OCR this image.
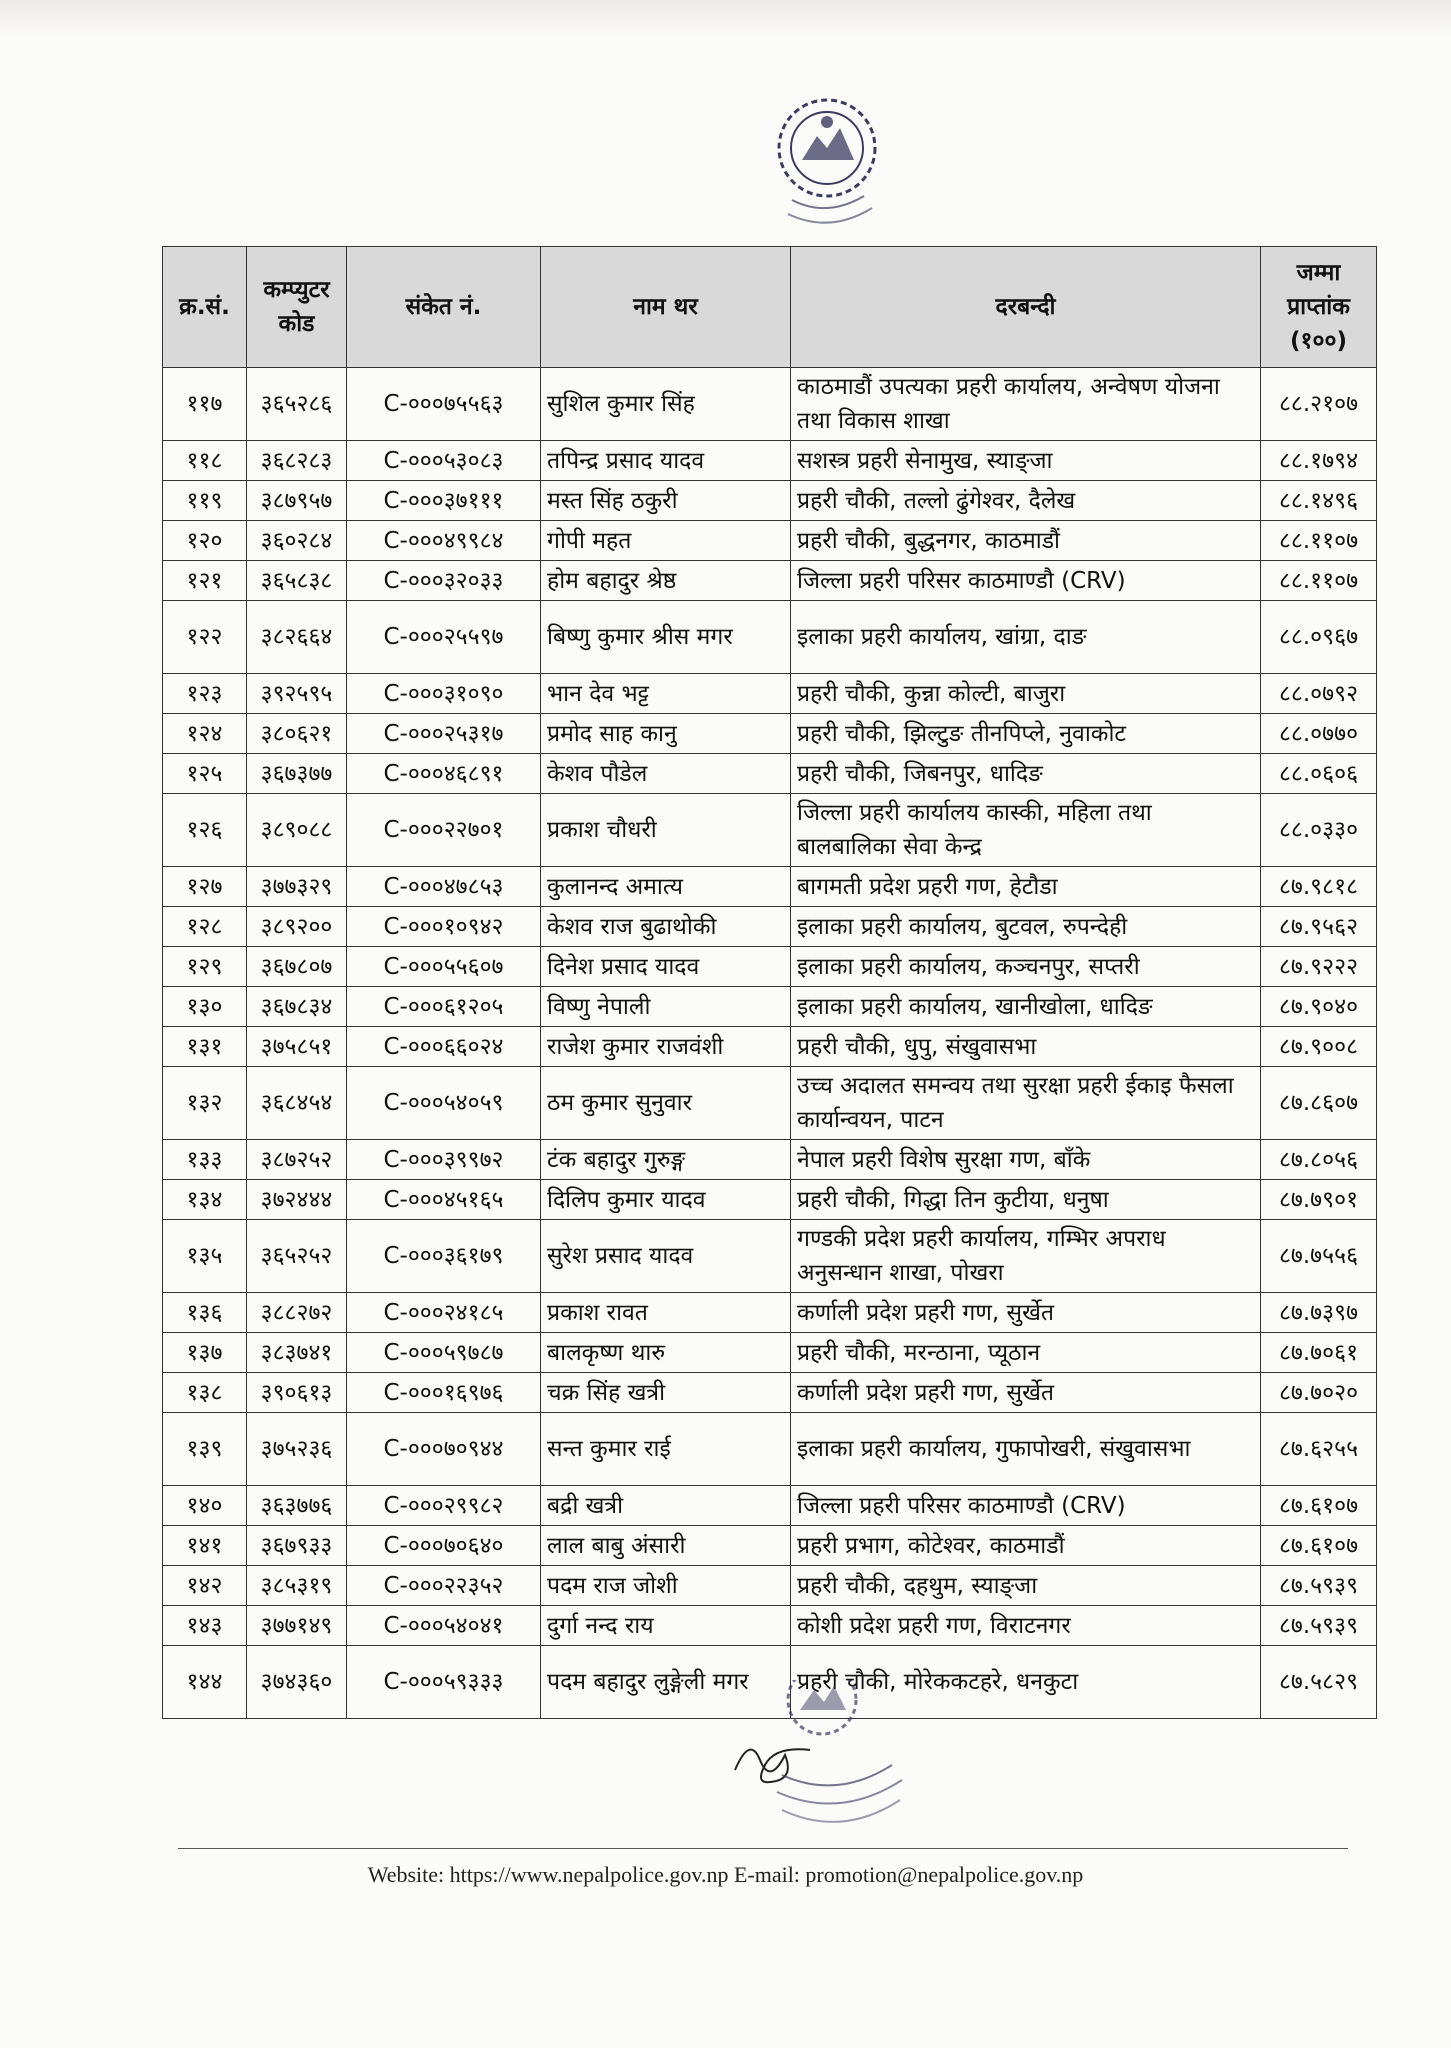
क्र.सं.	कम्प्युटर कोड	संकेत नं.	नाम थर	दरबन्दी	जम्मा प्राप्तांक (१००)
११७	३६५२८६	C-०००७५५६३	सुशिल कुमार सिंह	काठमाडौं उपत्यका प्रहरी कार्यालय, अन्वेषण योजना तथा विकास शाखा	८८.२१०७
११८	३६८२८३	C-०००५३०८३	तपिन्द्र प्रसाद यादव	सशस्त्र प्रहरी सेनामुख, स्याङ्जा	८८.१७९४
११९	३८७९५७	C-०००३७१११	मस्त सिंह ठकुरी	प्रहरी चौकी, तल्लो ढुंगेश्वर, दैलेख	८८.१४९६
१२०	३६०२८४	C-०००४९९८४	गोपी महत	प्रहरी चौकी, बुद्धनगर, काठमाडौं	८८.११०७
१२१	३६५८३८	C-०००३२०३३	होम बहादुर श्रेष्ठ	जिल्ला प्रहरी परिसर काठमाण्डौ (CRV)	८८.११०७
१२२	३८२६६४	C-०००२५५९७	बिष्णु कुमार श्रीस मगर	इलाका प्रहरी कार्यालय, खांग्रा, दाङ	८८.०९६७
१२३	३९२५९५	C-०००३१०९०	भान देव भट्ट	प्रहरी चौकी, कुन्ना कोल्टी, बाजुरा	८८.०७९२
१२४	३८०६२१	C-०००२५३१७	प्रमोद साह कानु	प्रहरी चौकी, झिल्टुङ तीनपिप्ले, नुवाकोट	८८.०७७०
१२५	३६७३७७	C-०००४६८९१	केशव पौडेल	प्रहरी चौकी, जिबनपुर, धादिङ	८८.०६०६
१२६	३८९०८८	C-०००२२७०१	प्रकाश चौधरी	जिल्ला प्रहरी कार्यालय कास्की, महिला तथा बालबालिका सेवा केन्द्र	८८.०३३०
१२७	३७७३२९	C-०००४७८५३	कुलानन्द अमात्य	बागमती प्रदेश प्रहरी गण, हेटौडा	८७.९८१८
१२८	३८९२००	C-०००१०९४२	केशव राज बुढाथोकी	इलाका प्रहरी कार्यालय, बुटवल, रुपन्देही	८७.९५६२
१२९	३६७८०७	C-०००५५६०७	दिनेश प्रसाद यादव	इलाका प्रहरी कार्यालय, कञ्चनपुर, सप्तरी	८७.९२२२
१३०	३६७८३४	C-०००६१२०५	विष्णु नेपाली	इलाका प्रहरी कार्यालय, खानीखोला, धादिङ	८७.९०४०
१३१	३७५८५१	C-०००६६०२४	राजेश कुमार राजवंशी	प्रहरी चौकी, धुपु, संखुवासभा	८७.९००८
१३२	३६८४५४	C-०००५४०५९	ठम कुमार सुनुवार	उच्च अदालत समन्वय तथा सुरक्षा प्रहरी ईकाइ फैसला कार्यान्वयन, पाटन	८७.८६०७
१३३	३८७२५२	C-०००३९९७२	टंक बहादुर गुरुङ्ग	नेपाल प्रहरी विशेष सुरक्षा गण, बाँके	८७.८०५६
१३४	३७२४४४	C-०००४५१६५	दिलिप कुमार यादव	प्रहरी चौकी, गिद्धा तिन कुटीया, धनुषा	८७.७९०१
१३५	३६५२५२	C-०००३६१७९	सुरेश प्रसाद यादव	गण्डकी प्रदेश प्रहरी कार्यालय, गम्भिर अपराध अनुसन्धान शाखा, पोखरा	८७.७५५६
१३६	३८८२७२	C-०००२४१८५	प्रकाश रावत	कर्णाली प्रदेश प्रहरी गण, सुर्खेत	८७.७३९७
१३७	३८३७४१	C-०००५९७८७	बालकृष्ण थारु	प्रहरी चौकी, मरन्ठाना, प्यूठान	८७.७०६१
१३८	३९०६१३	C-०००१६९७६	चक्र सिंह खत्री	कर्णाली प्रदेश प्रहरी गण, सुर्खेत	८७.७०२०
१३९	३७५२३६	C-०००७०९४४	सन्त कुमार राई	इलाका प्रहरी कार्यालय, गुफापोखरी, संखुवासभा	८७.६२५५
१४०	३६३७७६	C-०००२९९८२	बद्री खत्री	जिल्ला प्रहरी परिसर काठमाण्डौ (CRV)	८७.६१०७
१४१	३६७९३३	C-०००७०६४०	लाल बाबु अंसारी	प्रहरी प्रभाग, कोटेश्वर, काठमाडौं	८७.६१०७
१४२	३८५३१९	C-०००२२३५२	पदम राज जोशी	प्रहरी चौकी, दहथुम, स्याङ्जा	८७.५९३९
१४३	३७७१४९	C-०००५४०४१	दुर्गा नन्द राय	कोशी प्रदेश प्रहरी गण, विराटनगर	८७.५९३९
१४४	३७४३६०	C-०००५९३३३	पदम बहादुर लुङ्गेली मगर	प्रहरी चौकी, मोरेककटहरे, धनकुटा	८७.५८२९
Website: https://www.nepalpolice.gov.np E-mail: promotion@nepalpolice.gov.np
